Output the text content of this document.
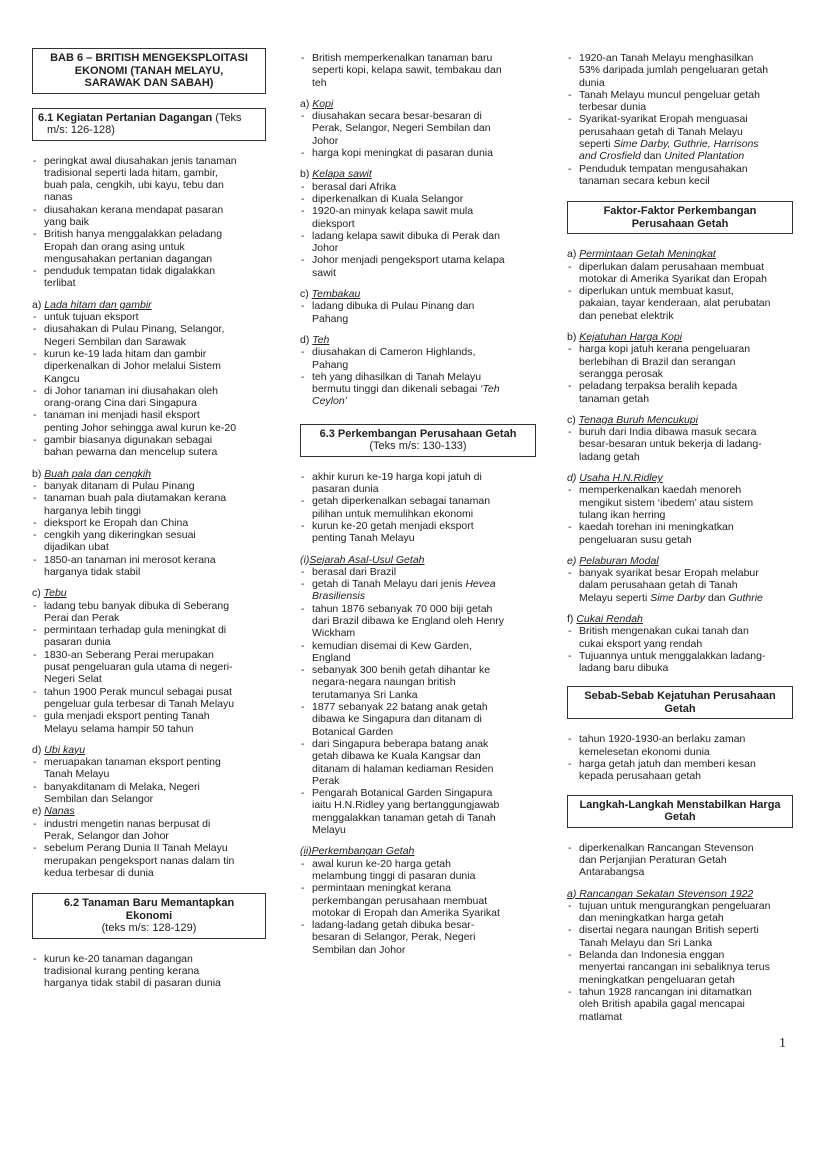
BAB 6 – BRITISH MENGEKSPLOITASI
EKONOMI (TANAH MELAYU,
SARAWAK DAN SABAH)
6.1 Kegiatan Pertanian Dagangan (Teks
m/s: 126-128)

- peringkat awal diusahakan jenis tanaman

tradisional seperti lada hitam, gambir,

buah pala, cengkih, ubi kayu, tebu dan

nanas

- diusahakan kerana mendapat pasaran

yang baik

- British hanya menggalakkan peladang

Eropah dan orang asing untuk

mengusahakan pertanian dagangan

- penduduk tempatan tidak digalakkan

terlibat

a) Lada hitam dan gambir

- untuk tujuan eksport

- diusahakan di Pulau Pinang, Selangor,

Negeri Sembilan dan Sarawak

- kurun ke-19 lada hitam dan gambir

diperkenalkan di Johor melalui Sistem

Kangcu

- di Johor tanaman ini diusahakan oleh

orang-orang Cina dari Singapura

- tanaman ini menjadi hasil eksport

penting Johor sehingga awal kurun ke-20

- gambir biasanya digunakan sebagai

bahan pewarna dan mencelup sutera

b) Buah pala dan cengkih

- banyak ditanam di Pulau Pinang

- tanaman buah pala diutamakan kerana

harganya lebih tinggi

- dieksport ke Eropah dan China

- cengkih yang dikeringkan sesuai

dijadikan ubat

- 1850-an tanaman ini merosot kerana

harganya tidak stabil

c) Tebu

- ladang tebu banyak dibuka di Seberang

Perai dan Perak

- permintaan terhadap gula meningkat di

pasaran dunia

- 1830-an Seberang Perai merupakan

pusat pengeluaran gula utama di negeri-

Negeri Selat

- tahun 1900 Perak muncul sebagai pusat

pengeluar gula terbesar di Tanah Melayu

- gula menjadi eksport penting Tanah

Melayu selama hampir 50 tahun

d) Ubi kayu

- meruapakan tanaman eksport penting

Tanah Melayu

- banyakditanam di Melaka, Negeri

Sembilan dan Selangor

e) Nanas

- industri mengetin nanas berpusat di

Perak, Selangor dan Johor

- sebelum Perang Dunia II Tanah Melayu

merupakan pengeksport nanas dalam tin

kedua terbesar di dunia

6.2 Tanaman Baru Memantapkan
Ekonomi
(teks m/s: 128-129)

- kurun ke-20 tanaman dagangan

tradisional kurang penting kerana

harganya tidak stabil di pasaran dunia

- British memperkenalkan tanaman baru

seperti kopi, kelapa sawit, tembakau dan

teh

a) Kopi

- diusahakan secara besar-besaran di

Perak, Selangor, Negeri Sembilan dan

Johor

- harga kopi meningkat di pasaran dunia

b) Kelapa sawit

- berasal dari Afrika

- diperkenalkan di Kuala Selangor

- 1920-an minyak kelapa sawit mula

dieksport

- ladang kelapa sawit dibuka di Perak dan

Johor

- Johor menjadi pengeksport utama kelapa

sawit

c) Tembakau

- ladang dibuka di Pulau Pinang dan

Pahang

d) Teh

- diusahakan di Cameron Highlands,

Pahang

- teh yang dihasilkan di Tanah Melayu

bermutu tinggi dan dikenali sebagai ‘Teh

Ceylon’

6.3 Perkembangan Perusahaan Getah
(Teks m/s: 130-133)

- akhir kurun ke-19 harga kopi jatuh di

pasaran dunia

- getah diperkenalkan sebagai tanaman

pilihan untuk memulihkan ekonomi

- kurun ke-20 getah menjadi eksport

penting Tanah Melayu

(i)Sejarah Asal-Usul Getah

- berasal dari Brazil

- getah di Tanah Melayu dari jenis Hevea

Brasiliensis

- tahun 1876 sebanyak 70 000 biji getah

dari Brazil dibawa ke England oleh Henry

Wickham

- kemudian disemai di Kew Garden,

England

- sebanyak 300 benih getah dihantar ke

negara-negara naungan british

terutamanya Sri Lanka

- 1877 sebanyak 22 batang anak getah

dibawa ke Singapura dan ditanam di

Botanical Garden

- dari Singapura beberapa batang anak

getah dibawa ke Kuala Kangsar dan

ditanam di halaman kediaman Residen

Perak

- Pengarah Botanical Garden Singapura

iaitu H.N.Ridley yang bertanggungjawab

menggalakkan tanaman getah di Tanah

Melayu

(ii)Perkembangan Getah

- awal kurun ke-20 harga getah

melambung tinggi di pasaran dunia

- permintaan meningkat kerana

perkembangan perusahaan membuat

motokar di Eropah dan Amerika Syarikat

- ladang-ladang getah dibuka besar-

besaran di Selangor, Perak, Negeri

Sembilan dan Johor

- 1920-an Tanah Melayu menghasilkan

53% daripada jumlah pengeluaran getah

dunia

- Tanah Melayu muncul pengeluar getah

terbesar dunia

- Syarikat-syarikat Eropah menguasai

perusahaan getah di Tanah Melayu

seperti Sime Darby, Guthrie, Harrisons

and Crosfield dan United Plantation

- Penduduk tempatan mengusahakan

tanaman secara kebun kecil

Faktor-Faktor Perkembangan
Perusahaan Getah

a) Permintaan Getah Meningkat

- diperlukan dalam perusahaan membuat

motokar di Amerika Syarikat dan Eropah

- diperlukan untuk membuat kasut,

pakaian, tayar kenderaan, alat perubatan

dan penebat elektrik

b) Kejatuhan Harga Kopi

- harga kopi jatuh kerana pengeluaran

berlebihan di Brazil dan serangan

serangga perosak

- peladang terpaksa beralih kepada

tanaman getah

c) Tenaga Buruh Mencukupi

- buruh dari India dibawa masuk secara

besar-besaran untuk bekerja di ladang-

ladang getah

d) Usaha H.N.Ridley

- memperkenalkan kaedah menoreh

mengikut sistem ‘ibedem’ atau sistem

tulang ikan herring

- kaedah torehan ini meningkatkan

pengeluaran susu getah

e) Pelaburan Modal

- banyak syarikat besar Eropah melabur

dalam perusahaan getah di Tanah

Melayu seperti Sime Darby dan Guthrie

f) Cukai Rendah

- British mengenakan cukai tanah dan

cukai eksport yang rendah

- Tujuannya untuk menggalakkan ladang-

ladang baru dibuka

Sebab-Sebab Kejatuhan Perusahaan
Getah

- tahun 1920-1930-an berlaku zaman

kemelesetan ekonomi dunia

- harga getah jatuh dan memberi kesan

kepada perusahaan getah

Langkah-Langkah Menstabilkan Harga
Getah

- diperkenalkan Rancangan Stevenson

dan Perjanjian Peraturan Getah

Antarabangsa

a) Rancangan Sekatan Stevenson 1922

- tujuan untuk mengurangkan pengeluaran

dan meningkatkan harga getah

- disertai negara naungan British seperti

Tanah Melayu dan Sri Lanka

- Belanda dan Indonesia enggan

menyertai rancangan ini sebaliknya terus

meningkatkan pengeluaran getah

- tahun 1928 rancangan ini ditamatkan

oleh British apabila gagal mencapai

matlamat

1
